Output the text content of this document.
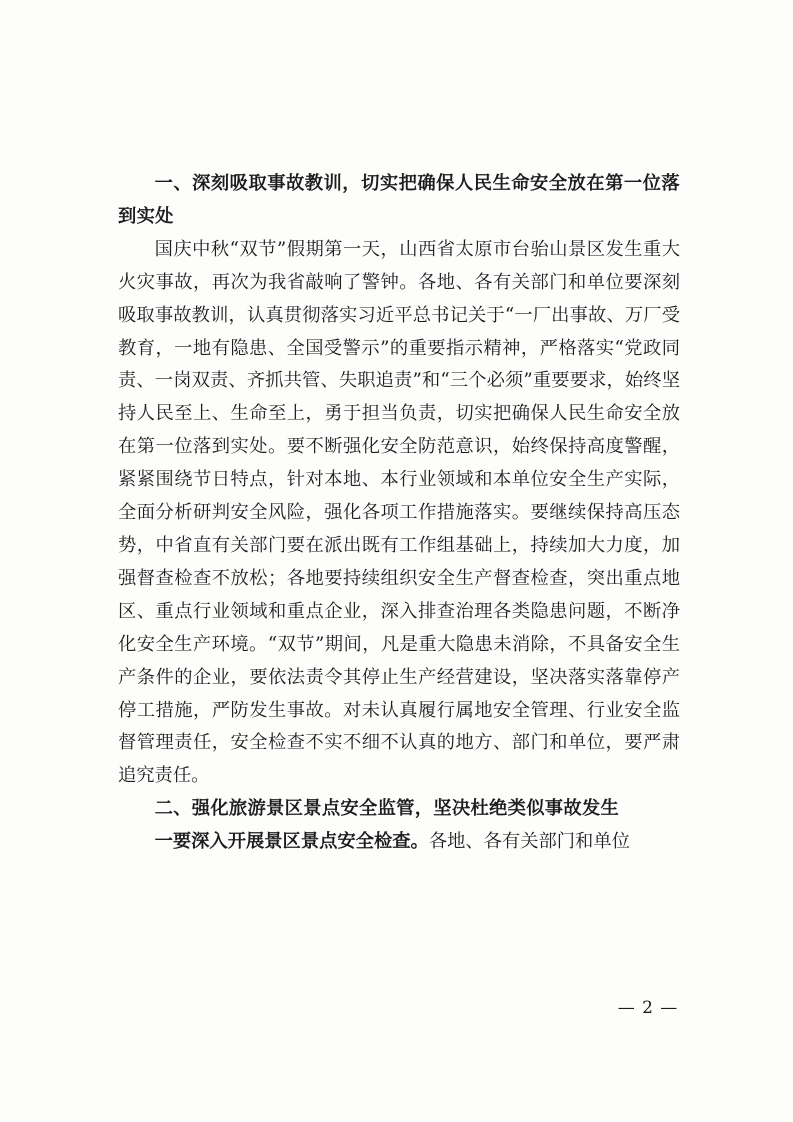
一、深刻吸取事故教训，切实把确保人民生命安全放在第一位落到实处

国庆中秋“双节”假期第一天，山西省太原市台骀山景区发生重大火灾事故，再次为我省敲响了警钟。各地、各有关部门和单位要深刻吸取事故教训，认真贯彻落实习近平总书记关于“一厂出事故、万厂受教育，一地有隐患、全国受警示”的重要指示精神，严格落实“党政同责、一岗双责、齐抓共管、失职追责”和“三个必须”重要要求，始终坚持人民至上、生命至上，勇于担当负责，切实把确保人民生命安全放在第一位落到实处。要不断强化安全防范意识，始终保持高度警醒，紧紧围绕节日特点，针对本地、本行业领域和本单位安全生产实际，全面分析研判安全风险，强化各项工作措施落实。要继续保持高压态势，中省直有关部门要在派出既有工作组基础上，持续加大力度，加强督查检查不放松；各地要持续组织安全生产督查检查，突出重点地区、重点行业领域和重点企业，深入排查治理各类隐患问题，不断净化安全生产环境。“双节”期间，凡是重大隐患未消除，不具备安全生产条件的企业，要依法责令其停止生产经营建设，坚决落实落靠停产停工措施，严防发生事故。对未认真履行属地安全管理、行业安全监督管理责任，安全检查不实不细不认真的地方、部门和单位，要严肃追究责任。

二、强化旅游景区景点安全监管，坚决杜绝类似事故发生

一要深入开展景区景点安全检查。各地、各有关部门和单位

— 2 —
